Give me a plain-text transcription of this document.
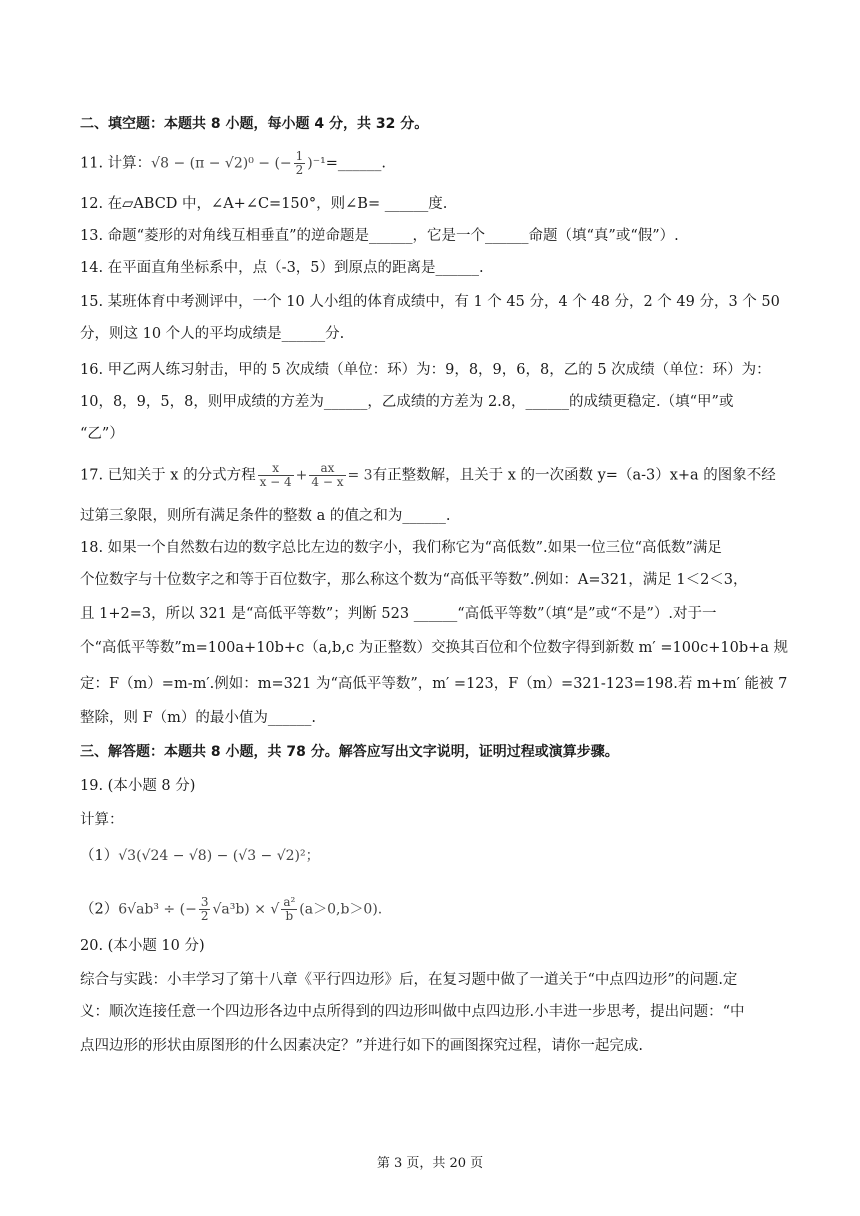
二、填空题：本题共 8 小题，每小题 4 分，共 32 分。
11. 计算：√8 − (π − √2)⁰ − (− $\frac{1}{2}$ )⁻¹=______.
12. 在▱ABCD 中，∠A+∠C=150°，则∠B= ______度.
13. 命题“菱形的对角线互相垂直”的逆命题是______，它是一个______命题（填“真”或“假”）.
14. 在平面直角坐标系中，点（-3，5）到原点的距离是______.
15. 某班体育中考测评中，一个 10 人小组的体育成绩中，有 1 个 45 分，4 个 48 分，2 个 49 分，3 个 50
分，则这 10 个人的平均成绩是______分.
16. 甲乙两人练习射击，甲的 5 次成绩（单位：环）为：9，8，9，6，8，乙的 5 次成绩（单位：环）为：
10，8，9，5，8，则甲成绩的方差为______，乙成绩的方差为 2.8，______的成绩更稳定.（填“甲”或
“乙”）
17. 已知关于 x 的分式方程 $\frac{x}{x - 4} + \frac{ax}{4 - x} = 3$有正整数解，且关于 x 的一次函数 y=（a-3）x+a 的图象不经
过第三象限，则所有满足条件的整数 a 的值之和为______.
18. 如果一个自然数右边的数字总比左边的数字小，我们称它为“高低数”.如果一位三位“高低数”满足
个位数字与十位数字之和等于百位数字，那么称这个数为“高低平等数”.例如：A=321，满足 1＜2＜3，
且 1+2=3，所以 321 是“高低平等数”；判断 523 ______“高低平等数”（填“是”或“不是”）.对于一
个“高低平等数”m=100a+10b+c（a,b,c 为正整数）交换其百位和个位数字得到新数 m′ =100c+10b+a 规
定：F（m）=m-m′.例如：m=321 为“高低平等数”，m′ =123，F（m）=321-123=198.若 m+m′ 能被 7
整除，则 F（m）的最小值为______.
三、解答题：本题共 8 小题，共 78 分。解答应写出文字说明，证明过程或演算步骤。
19. (本小题 8 分)
计算：
（1）√3(√24 − √8) − (√3 − √2)²；
（2）6√ab³ ÷ (− $\frac{3}{2} √a^3b$) × √ $\frac{\text{a²}}{b} (a>0,b>0)$.
20. (本小题 10 分)
综合与实践：小丰学习了第十八章《平行四边形》后，在复习题中做了一道关于“中点四边形”的问题.定
义：顺次连接任意一个四边形各边中点所得到的四边形叫做中点四边形.小丰进一步思考，提出问题：“中
点四边形的形状由原图形的什么因素决定？”并进行如下的画图探究过程，请你一起完成.
第 3 页，共 20 页
